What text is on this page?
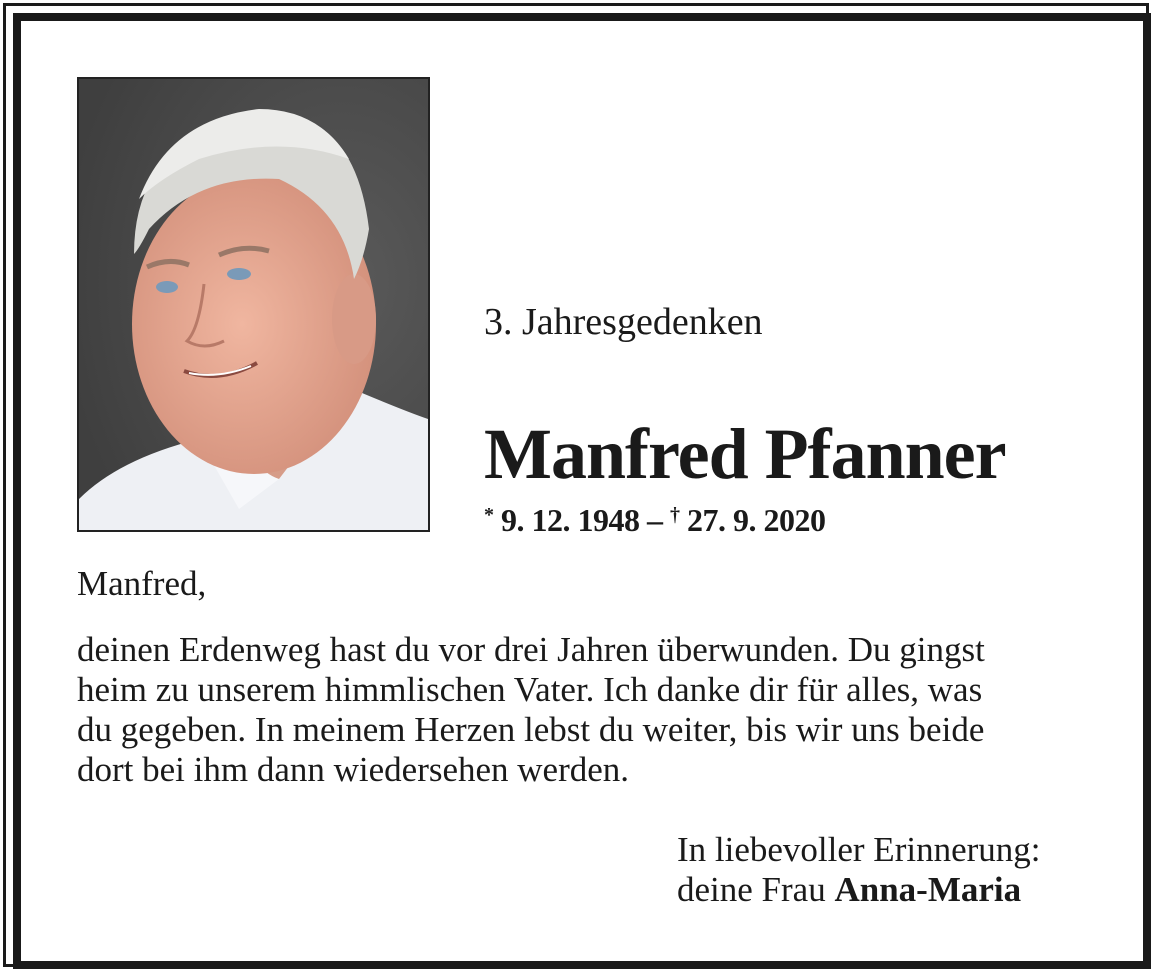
3. Jahresgedenken
Manfred Pfanner
* 9. 12. 1948 – † 27. 9. 2020
Manfred,
deinen Erdenweg hast du vor drei Jahren überwunden. Du gingst
heim zu unserem himmlischen Vater. Ich danke dir für alles, was
du gegeben. In meinem Herzen lebst du weiter, bis wir uns beide
dort bei ihm dann wiedersehen werden.
In liebevoller Erinnerung:
deine Frau Anna-Maria
